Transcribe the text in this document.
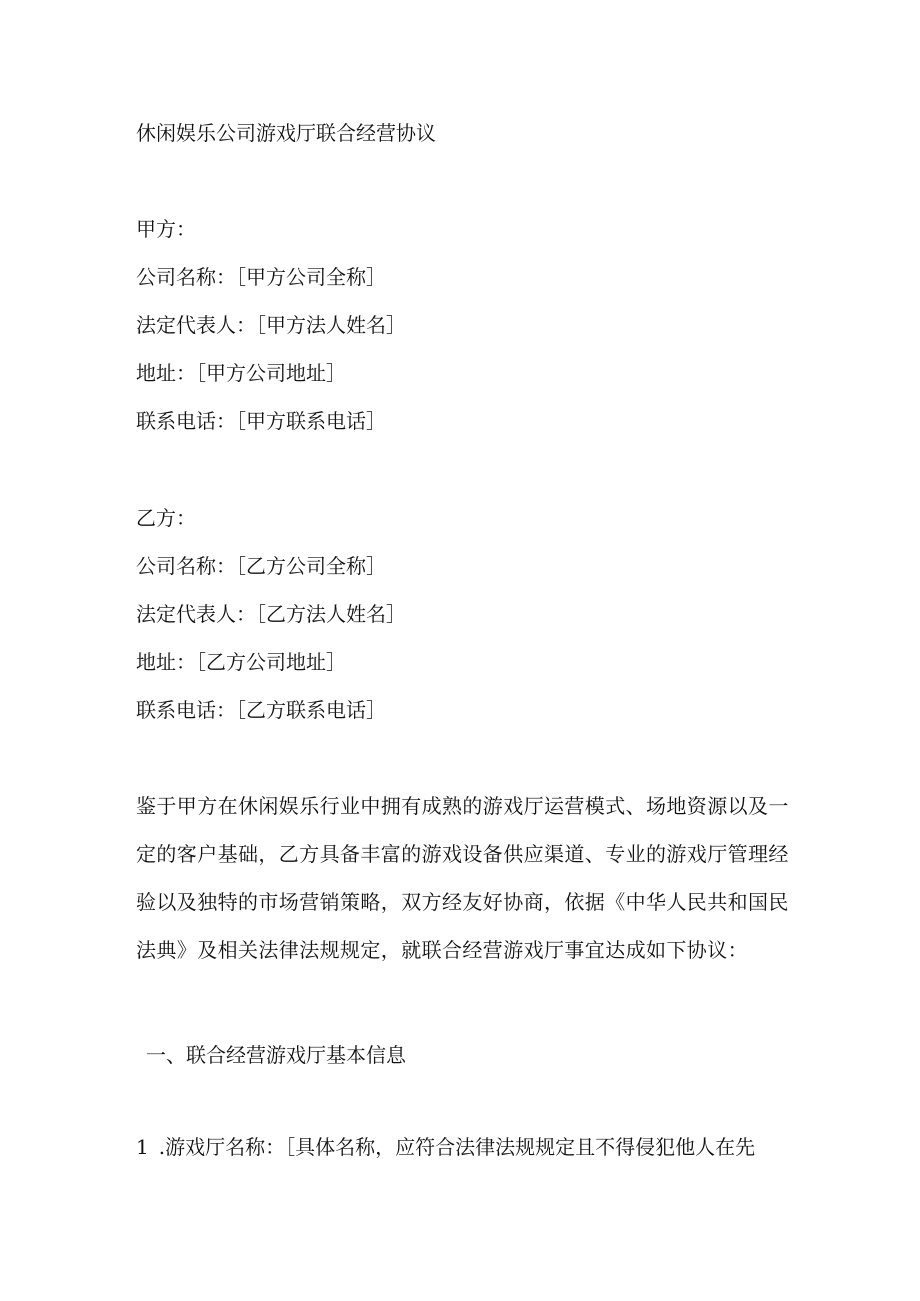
休闲娱乐公司游戏厅联合经营协议
甲方：
公司名称：［甲方公司全称］
法定代表人：［甲方法人姓名］
地址：［甲方公司地址］
联系电话：［甲方联系电话］
乙方：
公司名称：［乙方公司全称］
法定代表人：［乙方法人姓名］
地址：［乙方公司地址］
联系电话：［乙方联系电话］
鉴于甲方在休闲娱乐行业中拥有成熟的游戏厅运营模式、场地资源以及一
定的客户基础，乙方具备丰富的游戏设备供应渠道、专业的游戏厅管理经
验以及独特的市场营销策略，双方经友好协商，依据《中华人民共和国民
法典》及相关法律法规规定，就联合经营游戏厅事宜达成如下协议：
一、联合经营游戏厅基本信息
1 .游戏厅名称：［具体名称，应符合法律法规规定且不得侵犯他人在先
